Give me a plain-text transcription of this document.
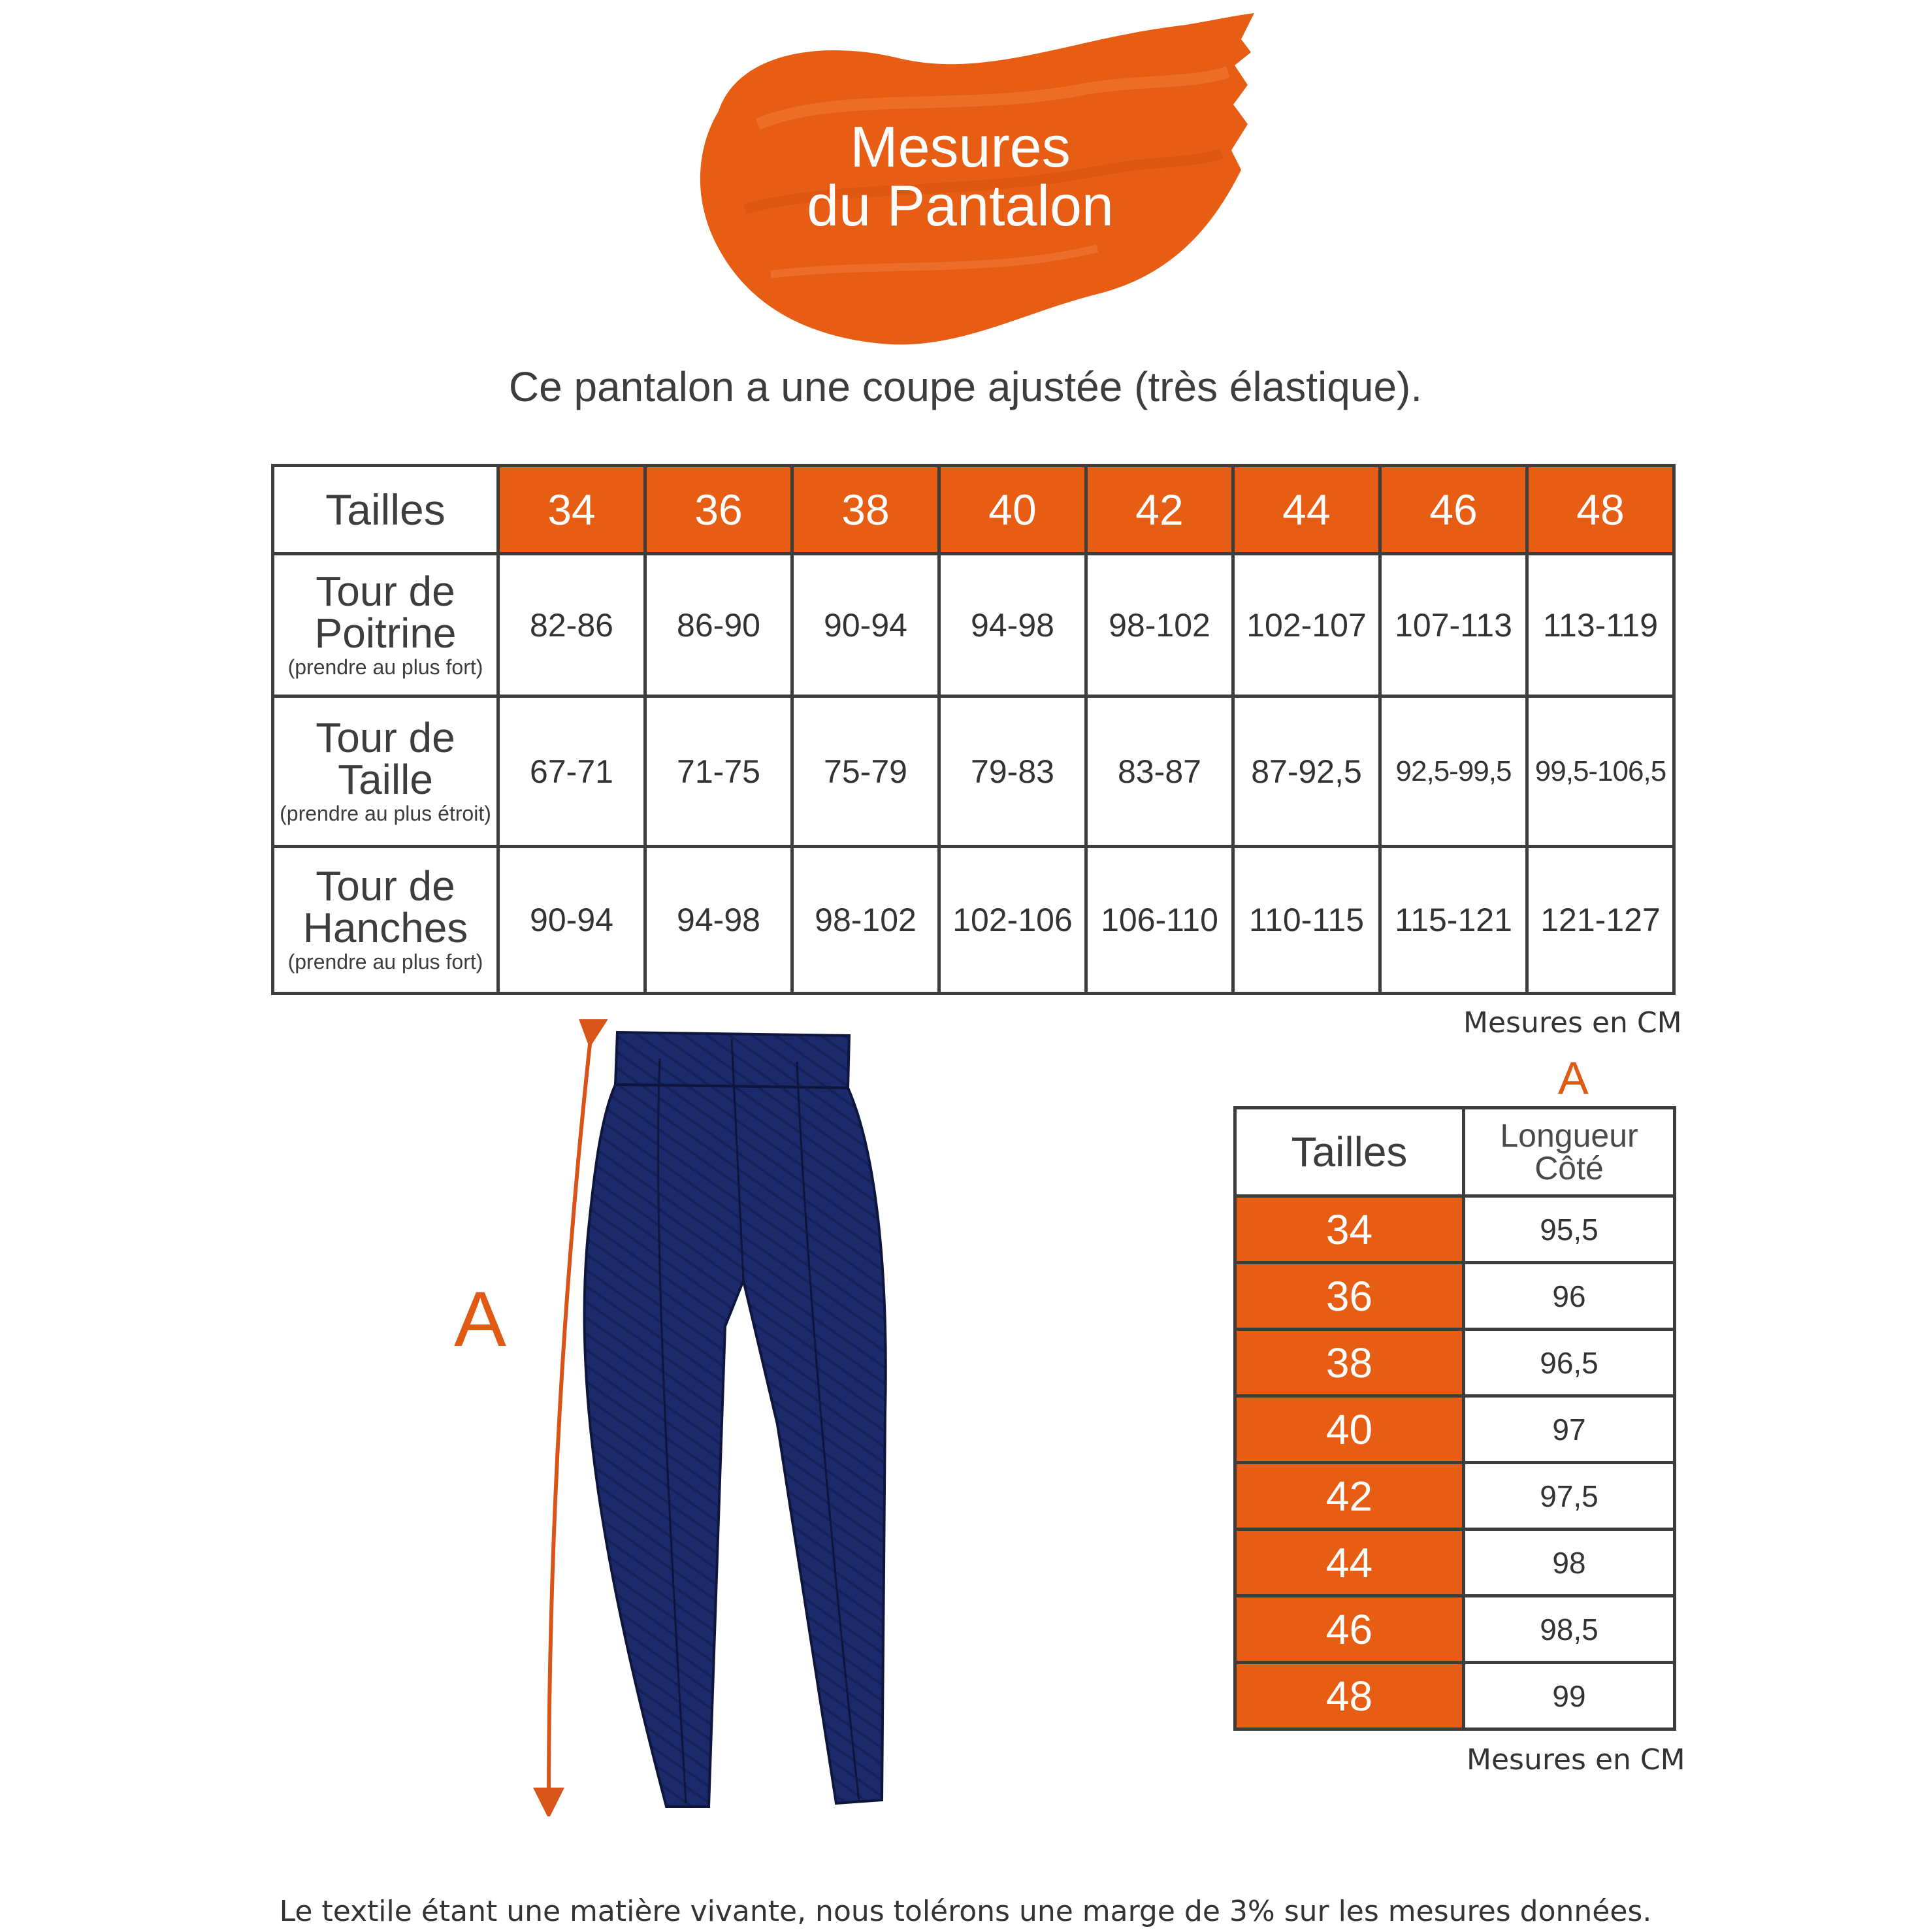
Mesures
du Pantalon
Ce pantalon a une coupe ajustée (très élastique).
Tailles	34	36	38	40	42	44	46	48
Tour de
Poitrine
(prendre au plus fort)	82-86	86-90	90-94	94-98	98-102	102-107	107-113	113-119
Tour de
Taille
(prendre au plus étroit)	67-71	71-75	75-79	79-83	83-87	87-92,5	92,5-99,5	99,5-106,5
Tour de
Hanches
(prendre au plus fort)	90-94	94-98	98-102	102-106	106-110	110-115	115-121	121-127
Mesures en CM
A
Tailles	Longueur
Côté

34	95,5
36	96
38	96,5
40	97
42	97,5
44	98
46	98,5
48	99
Mesures en CM
A
Le textile étant une matière vivante, nous tolérons une marge de 3% sur les mesures données.
